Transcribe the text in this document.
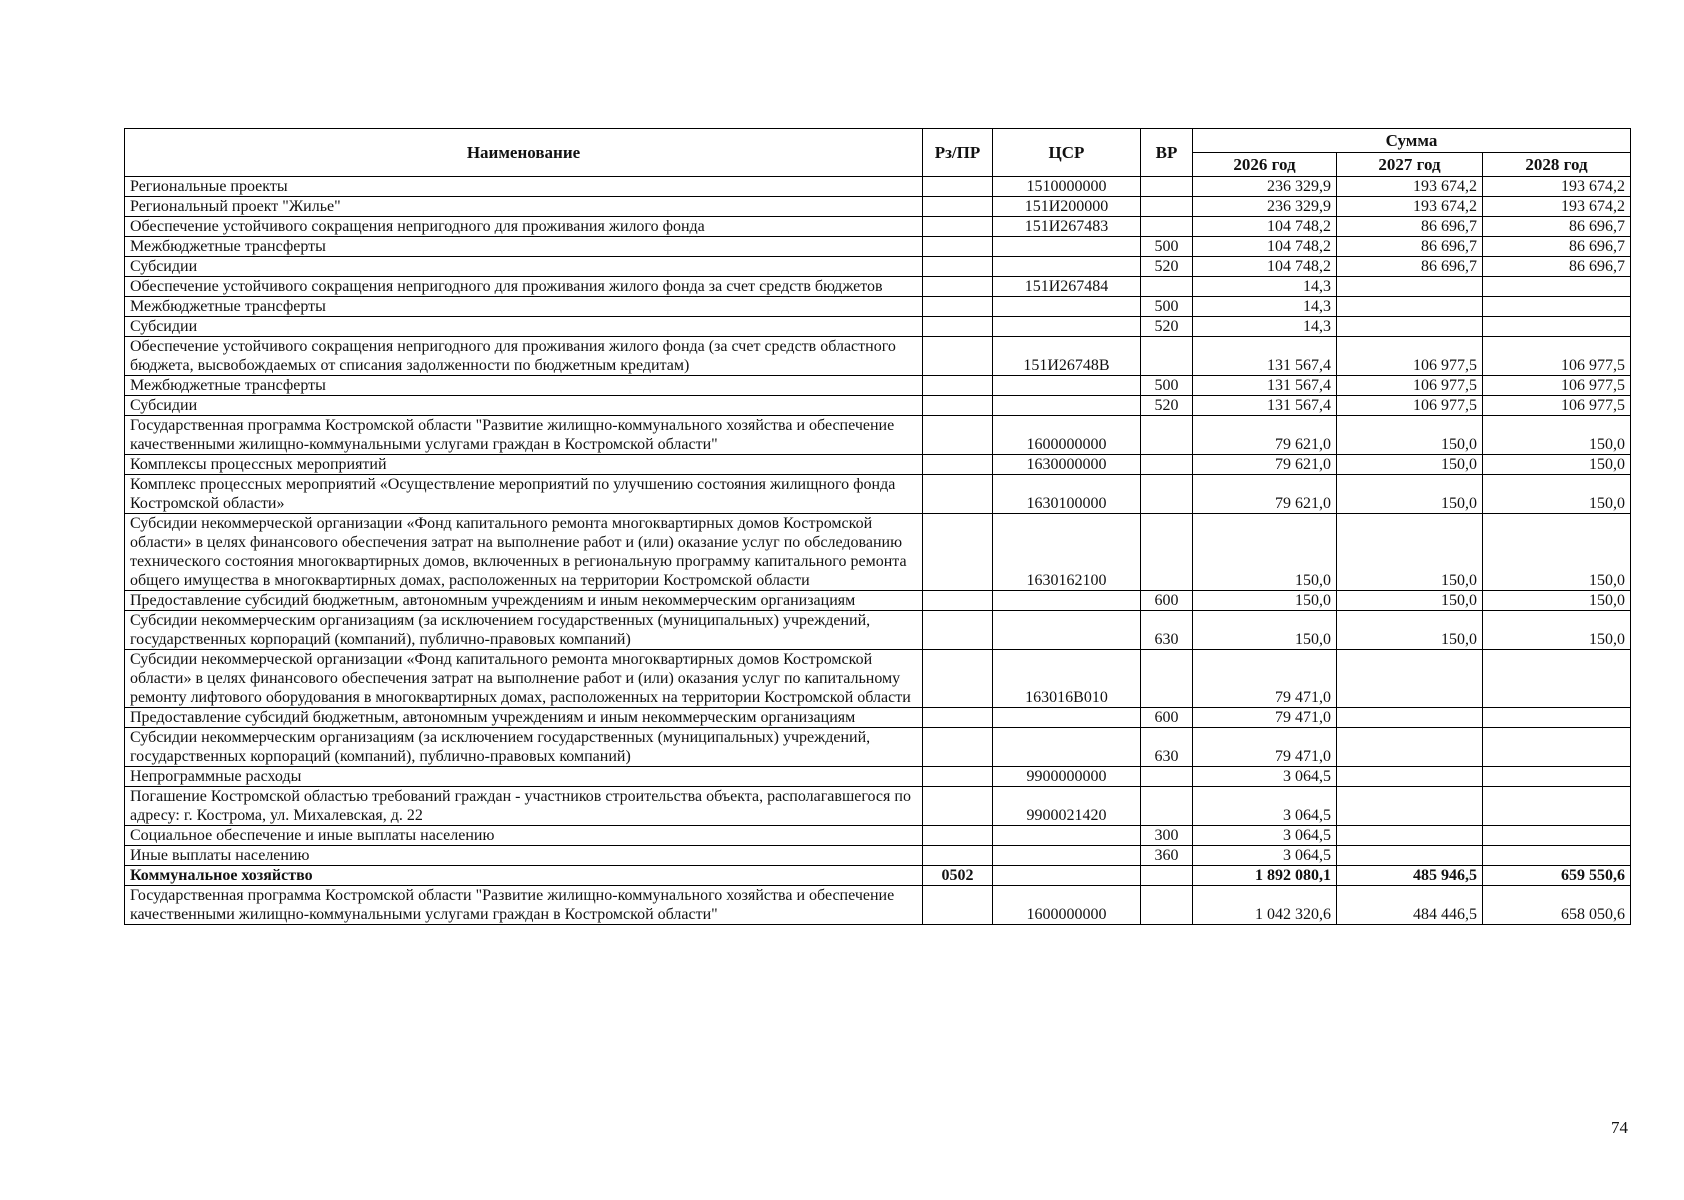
Наименование	Рз/ПР	ЦСР	ВР	Сумма		
				2026 год	2027 год	2028 год
Региональные проекты		1510000000		236 329,9	193 674,2	193 674,2
Региональный проект "Жилье"		151И200000		236 329,9	193 674,2	193 674,2
Обеспечение устойчивого сокращения непригодного для проживания жилого фонда		151И267483		104 748,2	86 696,7	86 696,7
Межбюджетные трансферты			500	104 748,2	86 696,7	86 696,7
Субсидии			520	104 748,2	86 696,7	86 696,7
Обеспечение устойчивого сокращения непригодного для проживания жилого фонда за счет средств бюджетов		151И267484		14,3		
Межбюджетные трансферты			500	14,3		
Субсидии			520	14,3		
Обеспечение устойчивого сокращения непригодного для проживания жилого фонда (за счет средств областного бюджета, высвобождаемых от списания задолженности по бюджетным кредитам)		151И26748В		131 567,4	106 977,5	106 977,5
Межбюджетные трансферты			500	131 567,4	106 977,5	106 977,5
Субсидии			520	131 567,4	106 977,5	106 977,5
Государственная программа Костромской области "Развитие жилищно-коммунального хозяйства и обеспечение качественными жилищно-коммунальными услугами граждан в Костромской области"		1600000000		79 621,0	150,0	150,0
Комплексы процессных мероприятий		1630000000		79 621,0	150,0	150,0
Комплекс процессных мероприятий «Осуществление мероприятий по улучшению состояния жилищного фонда Костромской области»		1630100000		79 621,0	150,0	150,0
Субсидии некоммерческой организации «Фонд капитального ремонта многоквартирных домов Костромской области» в целях финансового обеспечения затрат на выполнение работ и (или) оказание услуг по обследованию технического состояния многоквартирных домов, включенных в региональную программу капитального ремонта общего имущества в многоквартирных домах, расположенных на территории Костромской области		1630162100		150,0	150,0	150,0
Предоставление субсидий бюджетным, автономным учреждениям и иным некоммерческим организациям			600	150,0	150,0	150,0
Субсидии некоммерческим организациям (за исключением государственных (муниципальных) учреждений, государственных корпораций (компаний), публично-правовых компаний)			630	150,0	150,0	150,0
Субсидии некоммерческой организации «Фонд капитального ремонта многоквартирных домов Костромской области» в целях финансового обеспечения затрат на выполнение работ и (или) оказания услуг по капитальному ремонту лифтового оборудования в многоквартирных домах, расположенных на территории Костромской области		163016В010		79 471,0		
Предоставление субсидий бюджетным, автономным учреждениям и иным некоммерческим организациям			600	79 471,0		
Субсидии некоммерческим организациям (за исключением государственных (муниципальных) учреждений, государственных корпораций (компаний), публично-правовых компаний)			630	79 471,0		
Непрограммные расходы		9900000000		3 064,5		
Погашение Костромской областью требований граждан - участников строительства объекта, располагавшегося по адресу: г. Кострома, ул. Михалевская, д. 22		9900021420		3 064,5		
Социальное обеспечение и иные выплаты населению			300	3 064,5		
Иные выплаты населению			360	3 064,5		
Коммунальное хозяйство	0502			1 892 080,1	485 946,5	659 550,6
Государственная программа Костромской области "Развитие жилищно-коммунального хозяйства и обеспечение качественными жилищно-коммунальными услугами граждан в Костромской области"		1600000000		1 042 320,6	484 446,5	658 050,6
74
